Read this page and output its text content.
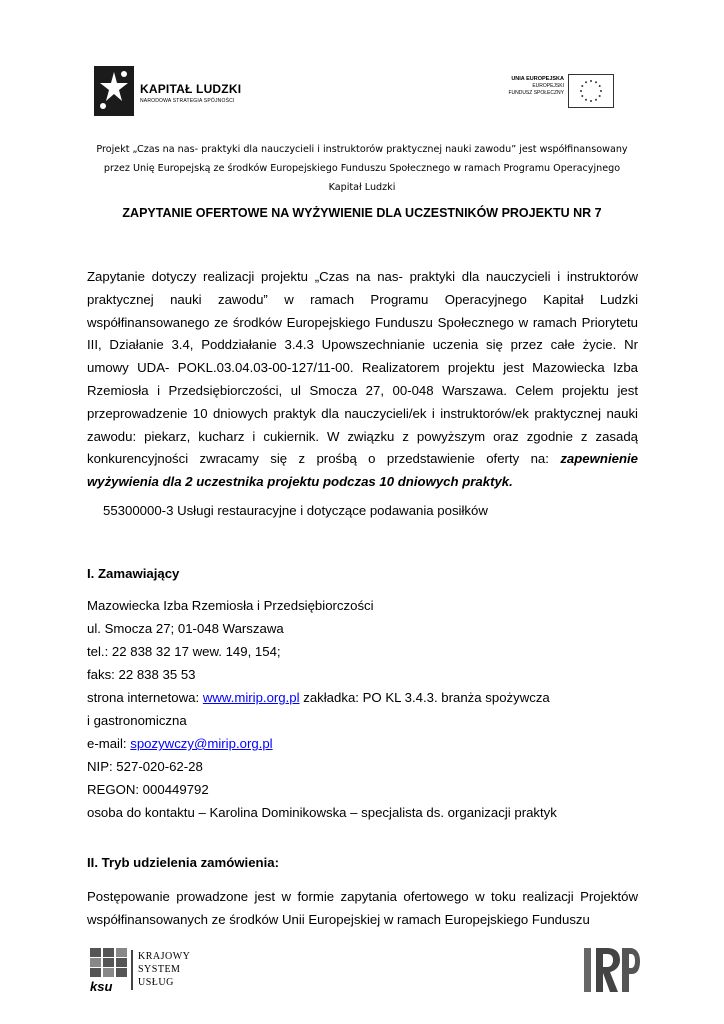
KAPITAŁ LUDZKI
NARODOWA STRATEGIA SPÓJNOŚCI
UNIA EUROPEJSKA
EUROPEJSKI
FUNDUSZ SPOŁECZNY
Projekt „Czas na nas- praktyki dla nauczycieli i instruktorów praktycznej nauki zawodu” jest współfinansowany przez Unię Europejską ze środków Europejskiego Funduszu Społecznego w ramach Programu Operacyjnego Kapitał Ludzki
ZAPYTANIE OFERTOWE NA WYŻYWIENIE DLA UCZESTNIKÓW PROJEKTU NR 7
Zapytanie dotyczy realizacji projektu „Czas na nas- praktyki dla nauczycieli i instruktorów praktycznej nauki zawodu” w ramach Programu Operacyjnego Kapitał Ludzki współfinansowanego ze środków Europejskiego Funduszu Społecznego w ramach Priorytetu III, Działanie 3.4, Poddziałanie 3.4.3 Upowszechnianie uczenia się przez całe życie. Nr umowy UDA- POKL.03.04.03-00-127/11-00. Realizatorem projektu jest Mazowiecka Izba Rzemiosła i Przedsiębiorczości, ul Smocza 27, 00-048 Warszawa. Celem projektu jest przeprowadzenie 10 dniowych praktyk dla nauczycieli/ek i instruktorów/ek praktycznej nauki zawodu: piekarz, kucharz i cukiernik. W związku z powyższym oraz zgodnie z zasadą konkurencyjności zwracamy się z prośbą o przedstawienie oferty na: zapewnienie wyżywienia dla 2 uczestnika projektu podczas 10 dniowych praktyk.
55300000-3 Usługi restauracyjne i dotyczące podawania posiłków
I. Zamawiający
Mazowiecka Izba Rzemiosła i Przedsiębiorczości
ul. Smocza 27; 01-048 Warszawa
tel.: 22 838 32 17 wew. 149, 154;
faks: 22 838 35 53
strona internetowa: www.mirip.org.pl zakładka: PO KL 3.4.3. branża spożywcza
i gastronomiczna
e-mail: spozywczy@mirip.org.pl
NIP: 527-020-62-28
REGON: 000449792
osoba do kontaktu – Karolina Dominikowska – specjalista ds. organizacji praktyk
II. Tryb udzielenia zamówienia:
Postępowanie prowadzone jest w formie zapytania ofertowego w toku realizacji Projektów współfinansowanych ze środków Unii Europejskiej w ramach Europejskiego Funduszu
ksu
KRAJOWY
SYSTEM
USŁUG
